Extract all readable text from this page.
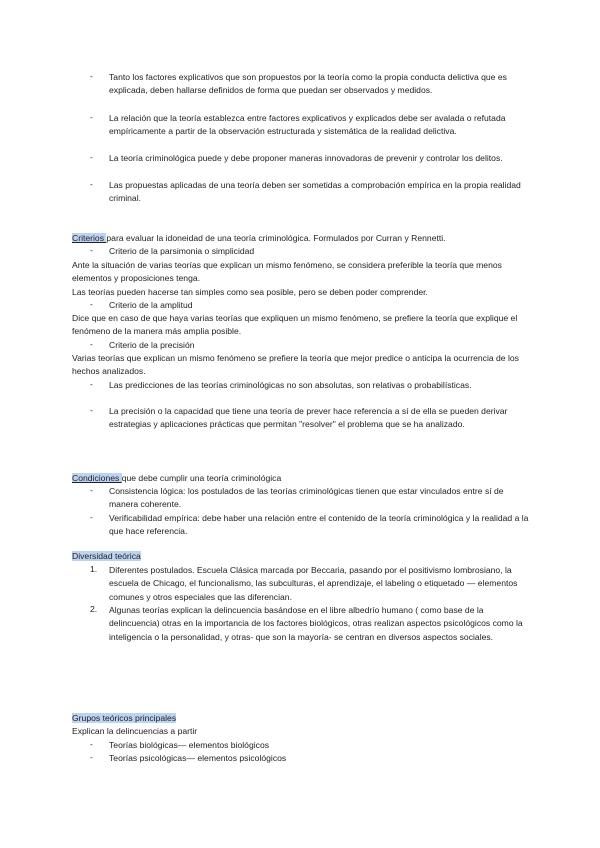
-	Tanto los factores explicativos que son propuestos por la teoría como la propia conducta delictiva que es explicada, deben hallarse definidos de forma que puedan ser observados y medidos.
-	La relación que la teoría establezca entre factores explicativos y explicados debe ser avalada o refutada empíricamente a partir de la observación estructurada y sistemática de la realidad delictiva.
-	La teoría criminológica puede y debe proponer maneras innovadoras de prevenir y controlar los delitos.
-	Las propuestas aplicadas de una teoría deben ser sometidas a comprobación empírica en la propia realidad criminal.
Criterios para evaluar la idoneidad de una teoría criminológica. Formulados por Curran y Rennetti.
-	Criterio de la parsimonia o simplicidad
Ante la situación de varias teorías que explican un mismo fenómeno, se considera preferible la teoría que menos elementos y proposiciones tenga.
Las teorías pueden hacerse tan simples como sea posible, pero se deben poder comprender.
-	Criterio de la amplitud
Dice que en caso de que haya varias teorías que expliquen un mismo fenómeno, se prefiere la teoría que explique el fenómeno de la manera más amplia posible.
-	Criterio de la precisión
Varias teorías que explican un mismo fenómeno se prefiere la teoría que mejor predice o anticipa la ocurrencia de los hechos analizados.
-	Las predicciones de las teorías criminológicas no son absolutas, son relativas o probabilísticas.
-	La precisión o la capacidad que tiene una teoría de prever hace referencia a sí de ella se pueden derivar estrategias y aplicaciones prácticas que permitan "resolver" el problema que se ha analizado.
Condiciones que debe cumplir una teoría criminológica
-	Consistencia lógica: los postulados de las teorías criminológicas tienen que estar vinculados entre sí de manera coherente.
-	Verificabilidad empírica: debe haber una relación entre el contenido de la teoría criminológica y la realidad a la que hace referencia.
Diversidad teórica
1.	Diferentes postulados. Escuela Clásica marcada por Beccaria, pasando por el positivismo lombrosiano, la escuela de Chicago, el funcionalismo, las subculturas, el aprendizaje, el labeling o etiquetado — elementos comunes y otros especiales que las diferencian.
2.	Algunas teorías explican la delincuencia basándose en el libre albedrío humano ( como base de la delincuencia) otras en la importancia de los factores biológicos, otras realizan aspectos psicológicos como la inteligencia o la personalidad, y otras- que son la mayoría- se centran en diversos aspectos sociales.
Grupos teóricos principales
Explican la delincuencias a partir
-	Teorías biológicas— elementos biológicos
-	Teorías psicológicas— elementos psicológicos
